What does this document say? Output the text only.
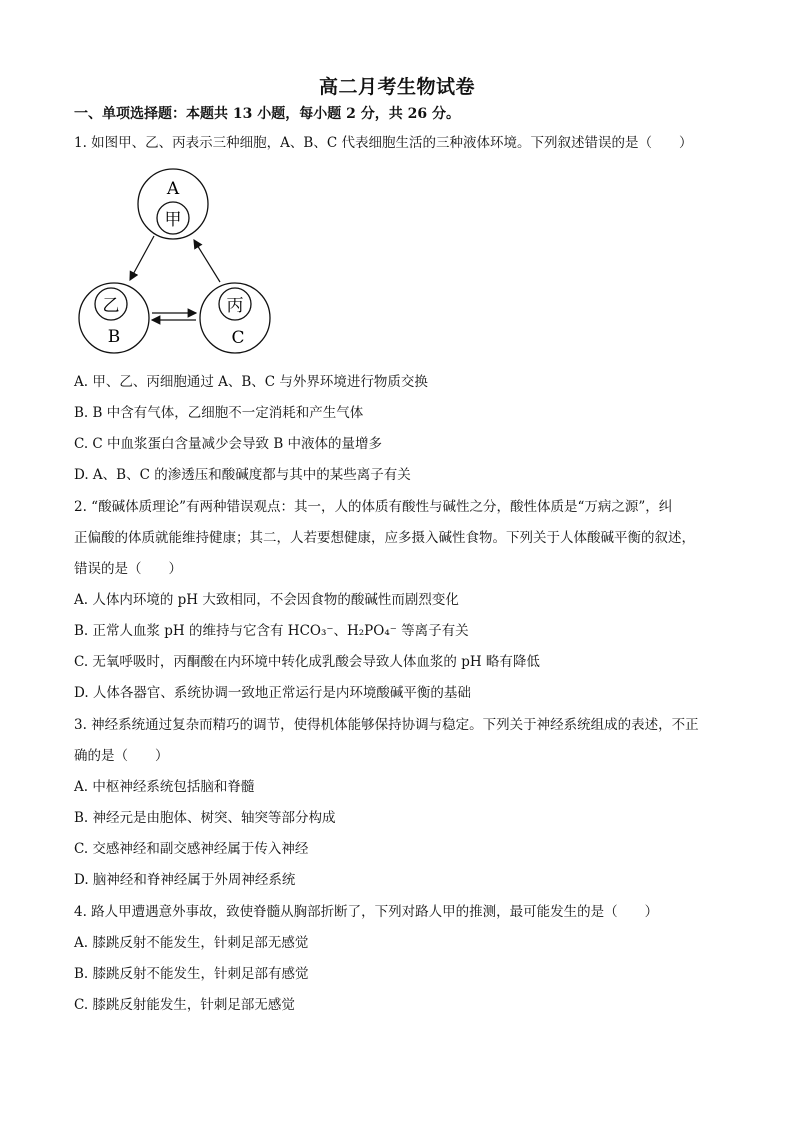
高二月考生物试卷
一、单项选择题：本题共 13 小题，每小题 2 分，共 26 分。
1. 如图甲、乙、丙表示三种细胞，A、B、C 代表细胞生活的三种液体环境。下列叙述错误的是（　　）
A
甲
乙
B
丙
C
A. 甲、乙、丙细胞通过 A、B、C 与外界环境进行物质交换
B. B 中含有气体，乙细胞不一定消耗和产生气体
C. C 中血浆蛋白含量减少会导致 B 中液体的量增多
D. A、B、C 的渗透压和酸碱度都与其中的某些离子有关
2. “酸碱体质理论”有两种错误观点：其一，人的体质有酸性与碱性之分，酸性体质是“万病之源”，纠
正偏酸的体质就能维持健康；其二，人若要想健康，应多摄入碱性食物。下列关于人体酸碱平衡的叙述，
错误的是（　　）
A. 人体内环境的 pH 大致相同，不会因食物的酸碱性而剧烈变化
B. 正常人血浆 pH 的维持与它含有 HCO₃⁻、H₂PO₄⁻ 等离子有关
C. 无氧呼吸时，丙酮酸在内环境中转化成乳酸会导致人体血浆的 pH 略有降低
D. 人体各器官、系统协调一致地正常运行是内环境酸碱平衡的基础
3. 神经系统通过复杂而精巧的调节，使得机体能够保持协调与稳定。下列关于神经系统组成的表述，不正
确的是（　　）
A. 中枢神经系统包括脑和脊髓
B. 神经元是由胞体、树突、轴突等部分构成
C. 交感神经和副交感神经属于传入神经
D. 脑神经和脊神经属于外周神经系统
4. 路人甲遭遇意外事故，致使脊髓从胸部折断了，下列对路人甲的推测，最可能发生的是（　　）
A. 膝跳反射不能发生，针刺足部无感觉
B. 膝跳反射不能发生，针刺足部有感觉
C. 膝跳反射能发生，针刺足部无感觉
